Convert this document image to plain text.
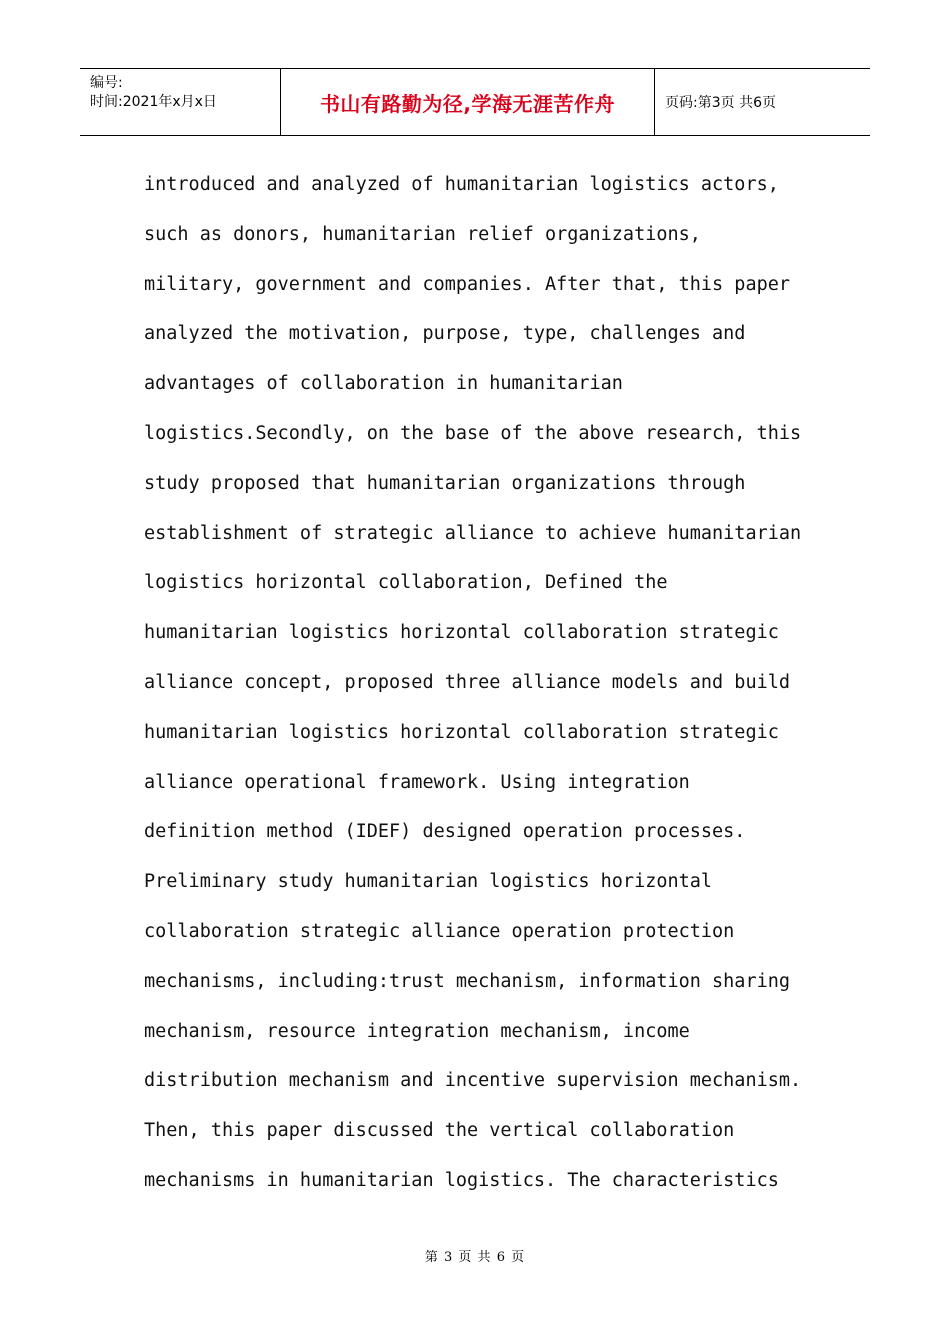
编号:
时间:2021年x月x日	书山有路勤为径,学海无涯苦作舟	页码:第3页 共6页
introduced and analyzed of humanitarian logistics actors,
such as donors, humanitarian relief organizations,
military, government and companies. After that, this paper
analyzed the motivation, purpose, type, challenges and
advantages of collaboration in humanitarian
logistics.Secondly, on the base of the above research, this
study proposed that humanitarian organizations through
establishment of strategic alliance to achieve humanitarian
logistics horizontal collaboration, Defined the
humanitarian logistics horizontal collaboration strategic
alliance concept, proposed three alliance models and build
humanitarian logistics horizontal collaboration strategic
alliance operational framework. Using integration
definition method (IDEF) designed operation processes.
Preliminary study humanitarian logistics horizontal
collaboration strategic alliance operation protection
mechanisms, including:trust mechanism, information sharing
mechanism, resource integration mechanism, income
distribution mechanism and incentive supervision mechanism.
Then, this paper discussed the vertical collaboration
mechanisms in humanitarian logistics. The characteristics
第 3 页 共 6 页
